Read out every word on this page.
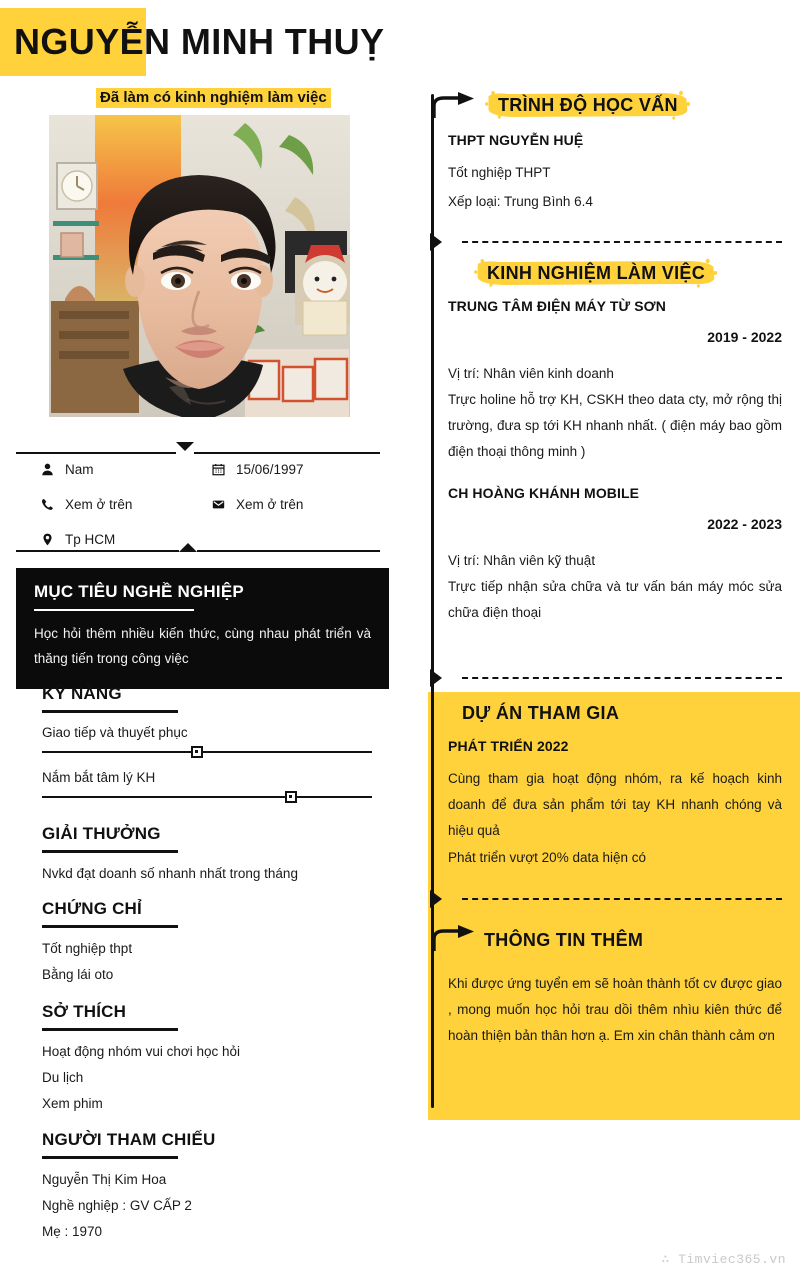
NGUYỄN MINH THUỴ
Đã làm có kinh nghiệm làm việc
Nam	15/06/1997
Xem ở trên	Xem ở trên
Tp HCM
MỤC TIÊU NGHỀ NGHIỆP
Học hỏi thêm nhiều kiến thức, cùng nhau phát triển và thăng tiến trong công việc
KỸ NĂNG
Giao tiếp và thuyết phục
Nắm bắt tâm lý KH
GIẢI THƯỞNG
Nvkd đạt doanh số nhanh nhất trong tháng
CHỨNG CHỈ
Tốt nghiệp thpt
Bằng lái oto
SỞ THÍCH
Hoạt động nhóm vui chơi học hỏi
Du lịch
Xem phim
NGƯỜI THAM CHIẾU
Nguyễn Thị Kim Hoa
Nghề nghiệp : GV CẤP 2
Mẹ : 1970
TRÌNH ĐỘ HỌC VẤN
THPT NGUYỄN HUỆ
Tốt nghiệp THPT
Xếp loại: Trung Bình 6.4
KINH NGHIỆM LÀM VIỆC
TRUNG TÂM ĐIỆN MÁY TỪ SƠN
2019 - 2022
Vị trí: Nhân viên kinh doanh
Trực holine hỗ trợ KH, CSKH theo data cty, mở rộng thị trường, đưa sp tới KH nhanh nhất. ( điện máy bao gồm điện thoại thông minh )
CH HOÀNG KHÁNH MOBILE
2022 - 2023
Vị trí: Nhân viên kỹ thuật
Trực tiếp nhận sửa chữa và tư vấn bán máy móc sửa chữa điện thoại
DỰ ÁN THAM GIA
PHÁT TRIỂN 2022
Cùng tham gia hoạt động nhóm, ra kế hoạch kinh doanh để đưa sản phẩm tới tay KH nhanh chóng và hiệu quả
Phát triển vượt 20% data hiện có
THÔNG TIN THÊM
Khi được ứng tuyển em sẽ hoàn thành tốt cv được giao , mong muốn học hỏi trau dồi thêm nhìu kiên thức để hoàn thiện bản thân hơn ạ. Em xin chân thành cảm ơn
∴ Timviec365.vn
